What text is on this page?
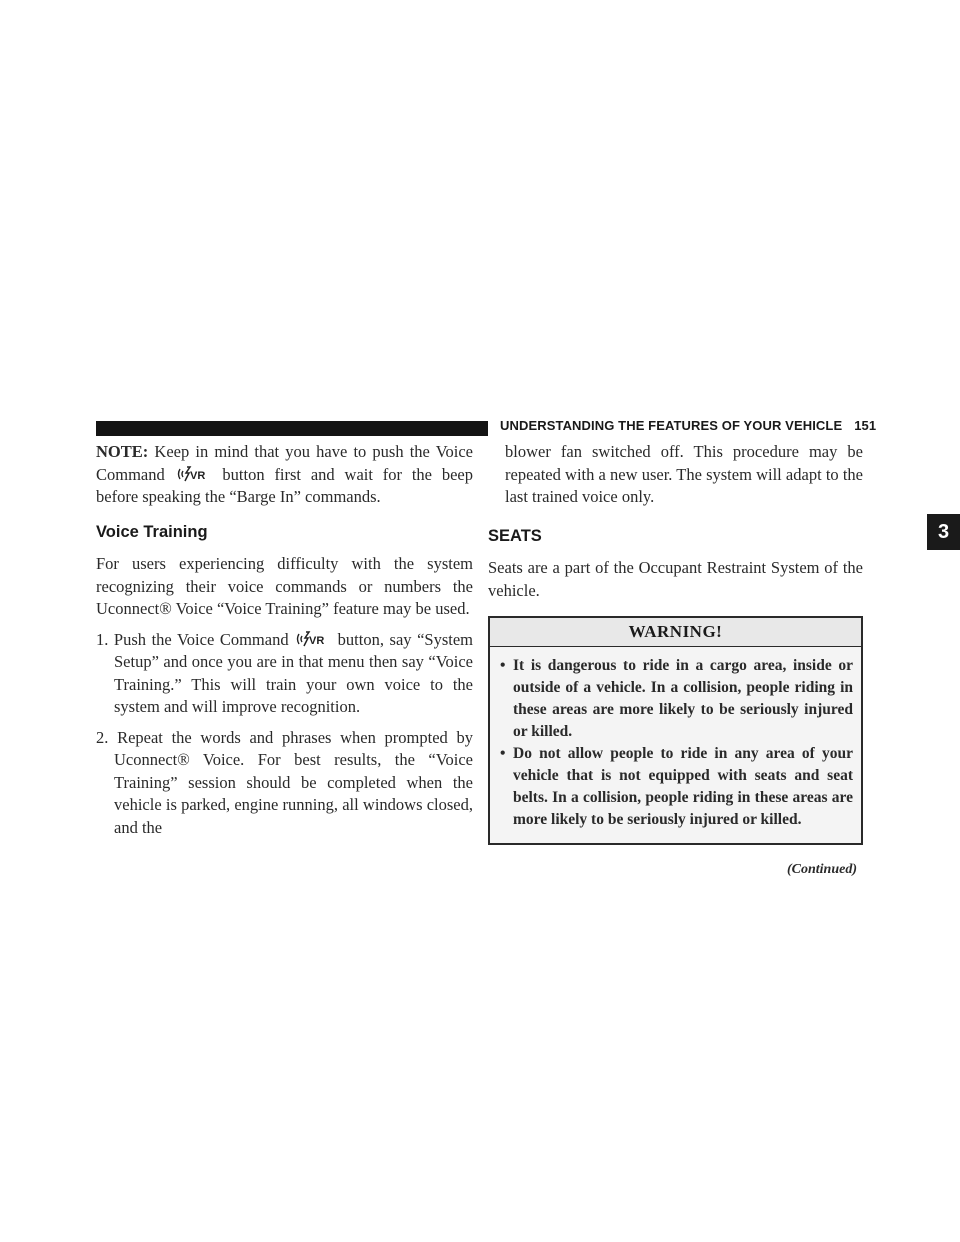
UNDERSTANDING THE FEATURES OF YOUR VEHICLE 151
3

NOTE: Keep in mind that you have to push the Voice Command VR button first and wait for the beep before speaking the “Barge In” commands.

Voice Training

For users experiencing difficulty with the system recognizing their voice commands or numbers the Uconnect® Voice “Voice Training” feature may be used.

1. Push the Voice Command VR button, say “System Setup” and once you are in that menu then say “Voice Training.” This will train your own voice to the system and will improve recognition.
2. Repeat the words and phrases when prompted by Uconnect® Voice. For best results, the “Voice Training” session should be completed when the vehicle is parked, engine running, all windows closed, and the

blower fan switched off. This procedure may be repeated with a new user. The system will adapt to the last trained voice only.

SEATS

Seats are a part of the Occupant Restraint System of the vehicle.

WARNING!
• It is dangerous to ride in a cargo area, inside or outside of a vehicle. In a collision, people riding in these areas are more likely to be seriously injured or killed.
• Do not allow people to ride in any area of your vehicle that is not equipped with seats and seat belts. In a collision, people riding in these areas are more likely to be seriously injured or killed.
(Continued)
